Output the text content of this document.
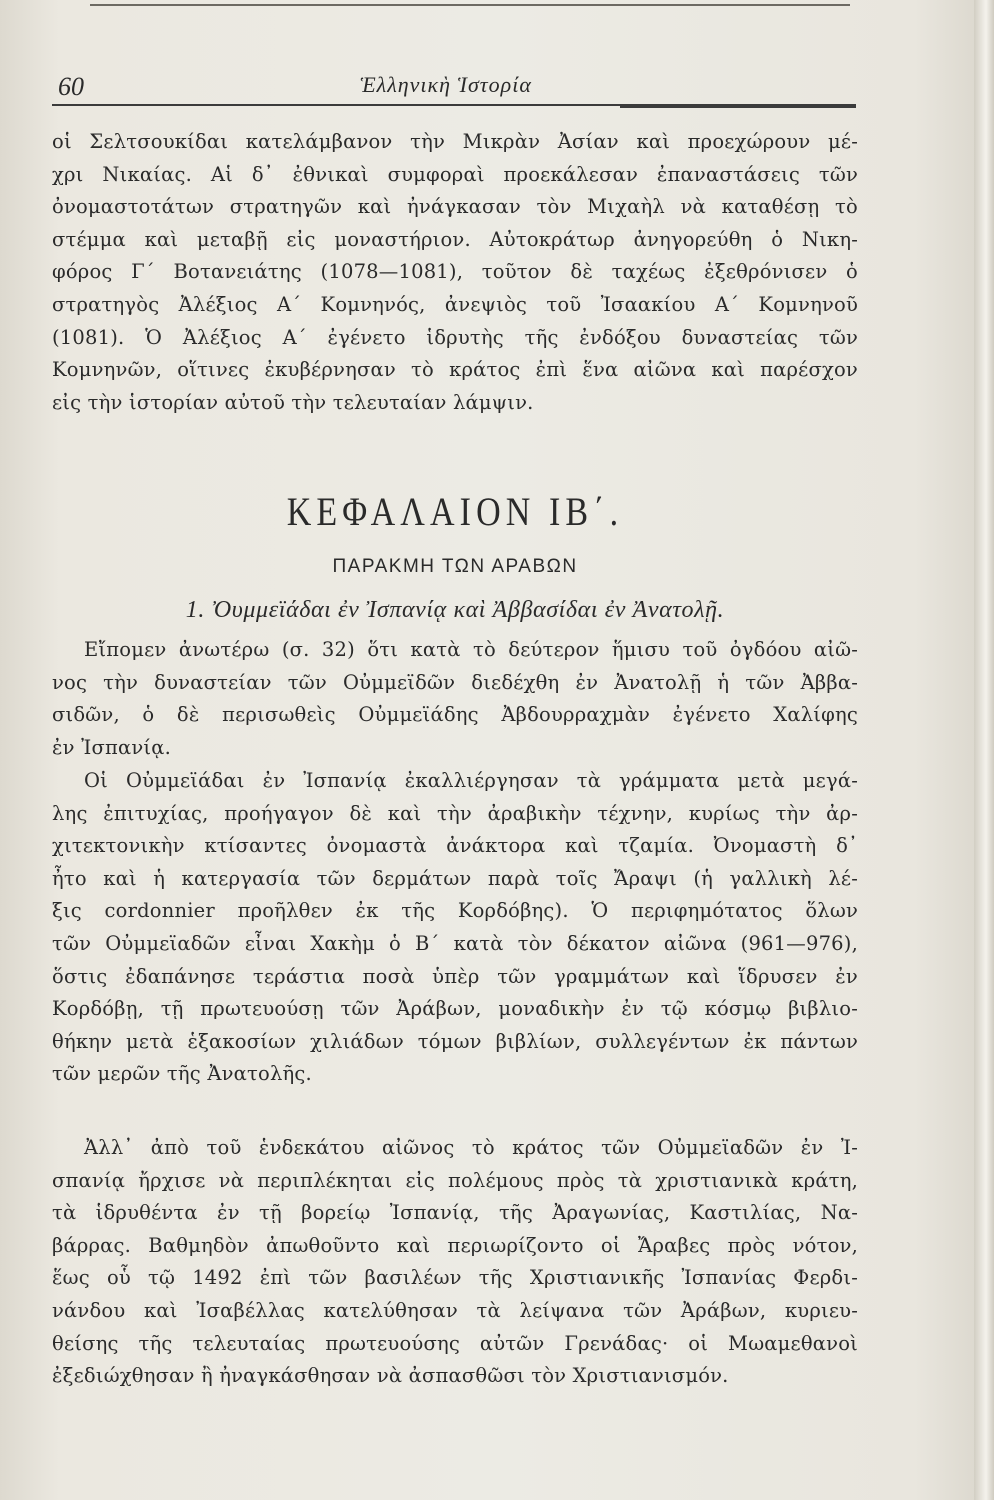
60	Ἑλληνικὴ Ἱστορία
οἱ Σελτσουκίδαι κατελάμβανον τὴν Μικρὰν Ἀσίαν καὶ προεχώρουν μέ-
χρι Νικαίας. Αἱ δ᾽ ἐθνικαὶ συμφοραὶ προεκάλεσαν ἐπαναστάσεις τῶν
ὀνομαστοτάτων στρατηγῶν καὶ ἠνάγκασαν τὸν Μιχαὴλ νὰ καταθέσῃ τὸ
στέμμα καὶ μεταβῇ εἰς μοναστήριον. Αὐτοκράτωρ ἀνηγορεύθη ὁ Νικη-
φόρος Γ΄ Βοτανειάτης (1078—1081), τοῦτον δὲ ταχέως ἐξεθρόνισεν ὁ
στρατηγὸς Ἀλέξιος Α΄ Κομνηνός, ἀνεψιὸς τοῦ Ἰσαακίου Α΄ Κομνηνοῦ
(1081). Ὁ Ἀλέξιος Α΄ ἐγένετο ἱδρυτὴς τῆς ἐνδόξου δυναστείας τῶν
Κομνηνῶν, οἵτινες ἐκυβέρνησαν τὸ κράτος ἐπὶ ἕνα αἰῶνα καὶ παρέσχον
εἰς τὴν ἱστορίαν αὐτοῦ τὴν τελευταίαν λάμψιν.
ΚΕΦΑΛΑΙΟΝ ΙΒ΄.
ΠΑΡΑΚΜΗ ΤΩΝ ΑΡΑΒΩΝ
1. Ὀυμμεϊάδαι ἐν Ἰσπανίᾳ καὶ Ἀββασίδαι ἐν Ἀνατολῇ.
Εἴπομεν ἀνωτέρω (σ. 32) ὅτι κατὰ τὸ δεύτερον ἥμισυ τοῦ ὀγδόου αἰῶ-
νος τὴν δυναστείαν τῶν Οὐμμεϊδῶν διεδέχθη ἐν Ἀνατολῇ ἡ τῶν Ἀββα-
σιδῶν, ὁ δὲ περισωθεὶς Οὐμμεϊάδης Ἀβδουρραχμὰν ἐγένετο Χαλίφης
ἐν Ἰσπανίᾳ.
Οἱ Οὐμμεϊάδαι ἐν Ἰσπανίᾳ ἐκαλλιέργησαν τὰ γράμματα μετὰ μεγά-
λης ἐπιτυχίας, προήγαγον δὲ καὶ τὴν ἀραβικὴν τέχνην, κυρίως τὴν ἀρ-
χιτεκτονικὴν κτίσαντες ὀνομαστὰ ἀνάκτορα καὶ τζαμία. Ὀνομαστὴ δ᾽
ἦτο καὶ ἡ κατεργασία τῶν δερμάτων παρὰ τοῖς Ἄραψι (ἡ γαλλικὴ λέ-
ξις cordonnier προῆλθεν ἐκ τῆς Κορδόβης). Ὁ περιφημότατος ὅλων
τῶν Οὐμμεϊαδῶν εἶναι Χακὴμ ὁ Β΄ κατὰ τὸν δέκατον αἰῶνα (961—976),
ὅστις ἐδαπάνησε τεράστια ποσὰ ὑπὲρ τῶν γραμμάτων καὶ ἵδρυσεν ἐν
Κορδόβῃ, τῇ πρωτευούσῃ τῶν Ἀράβων, μοναδικὴν ἐν τῷ κόσμῳ βιβλιο-
θήκην μετὰ ἑξακοσίων χιλιάδων τόμων βιβλίων, συλλεγέντων ἐκ πάντων
τῶν μερῶν τῆς Ἀνατολῆς.
Ἀλλ᾽ ἀπὸ τοῦ ἑνδεκάτου αἰῶνος τὸ κράτος τῶν Οὐμμεϊαδῶν ἐν Ἰ-
σπανίᾳ ἤρχισε νὰ περιπλέκηται εἰς πολέμους πρὸς τὰ χριστιανικὰ κράτη,
τὰ ἱδρυθέντα ἐν τῇ βορείῳ Ἰσπανίᾳ, τῆς Ἀραγωνίας, Καστιλίας, Να-
βάρρας. Βαθμηδὸν ἀπωθοῦντο καὶ περιωρίζοντο οἱ Ἄραβες πρὸς νότον,
ἕως οὗ τῷ 1492 ἐπὶ τῶν βασιλέων τῆς Χριστιανικῆς Ἰσπανίας Φερδι-
νάνδου καὶ Ἰσαβέλλας κατελύθησαν τὰ λείψανα τῶν Ἀράβων, κυριευ-
θείσης τῆς τελευταίας πρωτευούσης αὐτῶν Γρενάδας· οἱ Μωαμεθανοὶ
ἐξεδιώχθησαν ἢ ἠναγκάσθησαν νὰ ἀσπασθῶσι τὸν Χριστιανισμόν.
